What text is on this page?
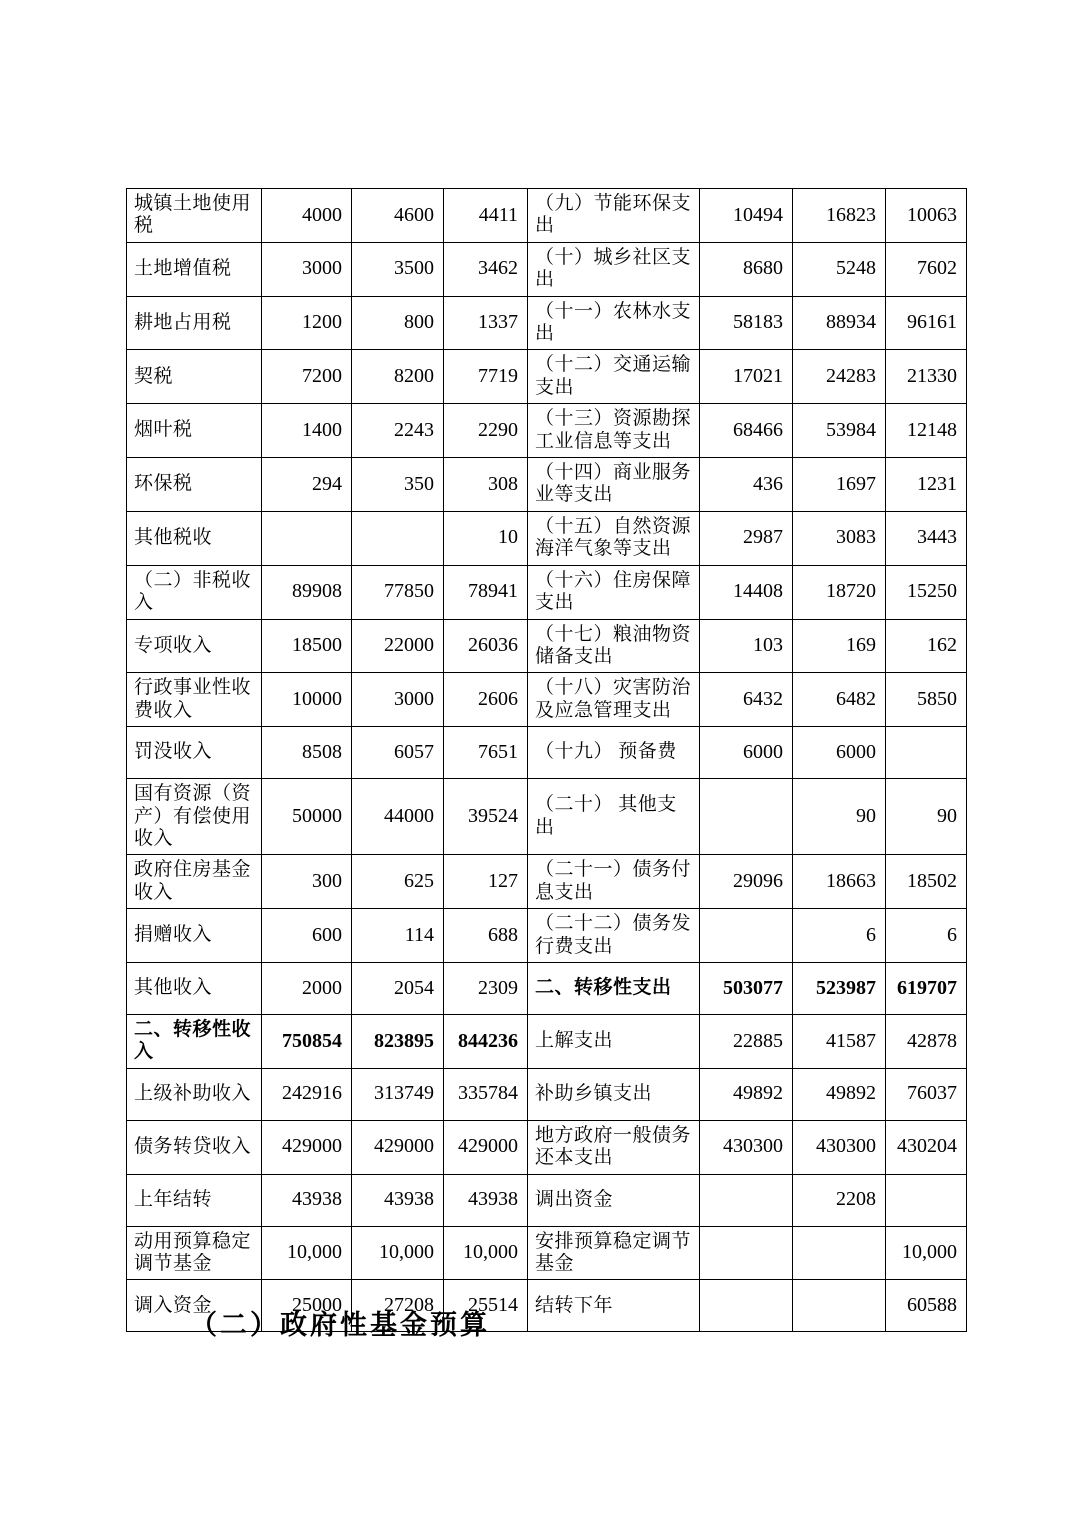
城镇土地使用税	4000	4600	4411	（九）节能环保支出	10494	16823	10063
土地增值税	3000	3500	3462	（十）城乡社区支出	8680	5248	7602
耕地占用税	1200	800	1337	（十一）农林水支出	58183	88934	96161
契税	7200	8200	7719	（十二）交通运输支出	17021	24283	21330
烟叶税	1400	2243	2290	（十三）资源勘探工业信息等支出	68466	53984	12148
环保税	294	350	308	（十四）商业服务业等支出	436	1697	1231
其他税收			10	（十五）自然资源海洋气象等支出	2987	3083	3443
（二）非税收入	89908	77850	78941	（十六）住房保障支出	14408	18720	15250
专项收入	18500	22000	26036	（十七）粮油物资储备支出	103	169	162
行政事业性收费收入	10000	3000	2606	（十八）灾害防治及应急管理支出	6432	6482	5850
罚没收入	8508	6057	7651	（十九） 预备费	6000	6000	
国有资源（资产）有偿使用收入	50000	44000	39524	（二十） 其他支出		90	90
政府住房基金收入	300	625	127	（二十一）债务付息支出	29096	18663	18502
捐赠收入	600	114	688	（二十二）债务发行费支出		6	6
其他收入	2000	2054	2309	二、转移性支出	503077	523987	619707
二、转移性收入	750854	823895	844236	上解支出	22885	41587	42878
上级补助收入	242916	313749	335784	补助乡镇支出	49892	49892	76037
债务转贷收入	429000	429000	429000	地方政府一般债务还本支出	430300	430300	430204
上年结转	43938	43938	43938	调出资金		2208	
动用预算稳定调节基金	10,000	10,000	10,000	安排预算稳定调节基金			10,000
调入资金	25000	27208	25514	结转下年			60588
（二）政府性基金预算
